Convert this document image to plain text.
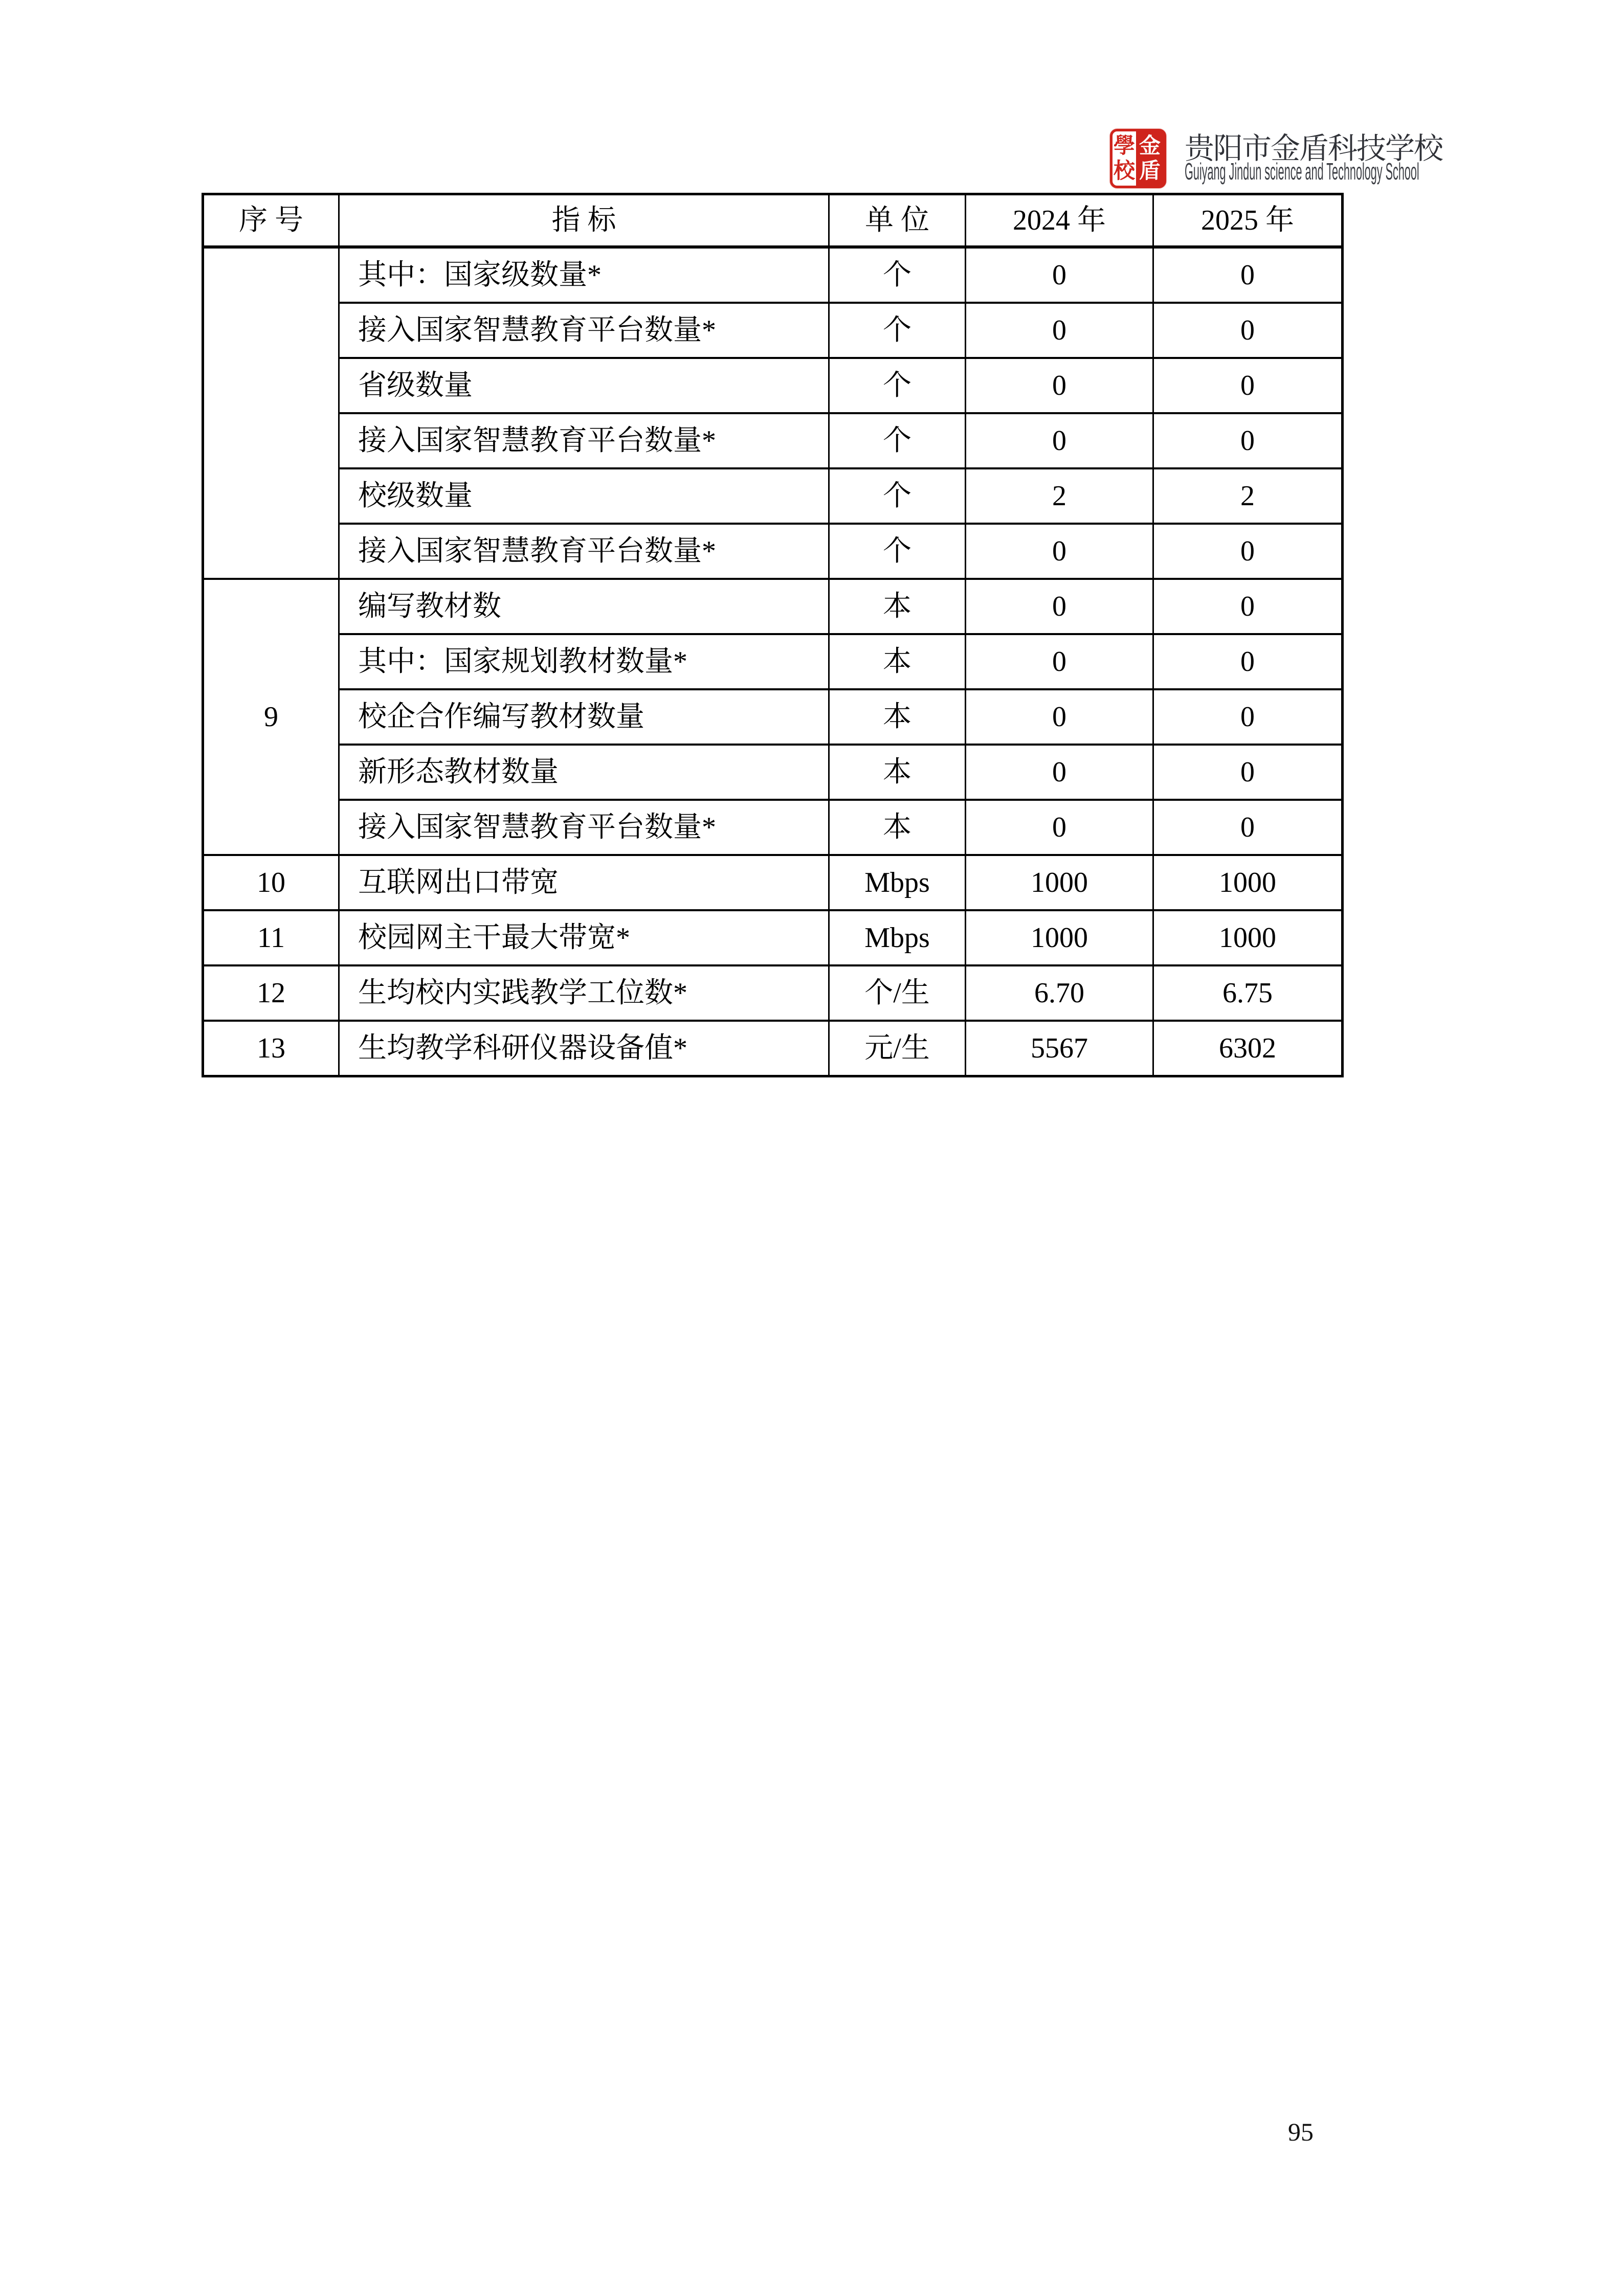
學
校
金
盾
贵阳市金盾科技学校
Guiyang Jindun science and Technology School
序号	指标	单位	2024 年	2025 年
	其中：国家级数量*	个	0	0
	接入国家智慧教育平台数量*	个	0	0
	省级数量	个	0	0
	接入国家智慧教育平台数量*	个	0	0
	校级数量	个	2	2
	接入国家智慧教育平台数量*	个	0	0
9	编写教材数	本	0	0
	其中：国家规划教材数量*	本	0	0
	校企合作编写教材数量	本	0	0
	新形态教材数量	本	0	0
	接入国家智慧教育平台数量*	本	0	0
10	互联网出口带宽	Mbps	1000	1000
11	校园网主干最大带宽*	Mbps	1000	1000
12	生均校内实践教学工位数*	个/生	6.70	6.75
13	生均教学科研仪器设备值*	元/生	5567	6302
95
